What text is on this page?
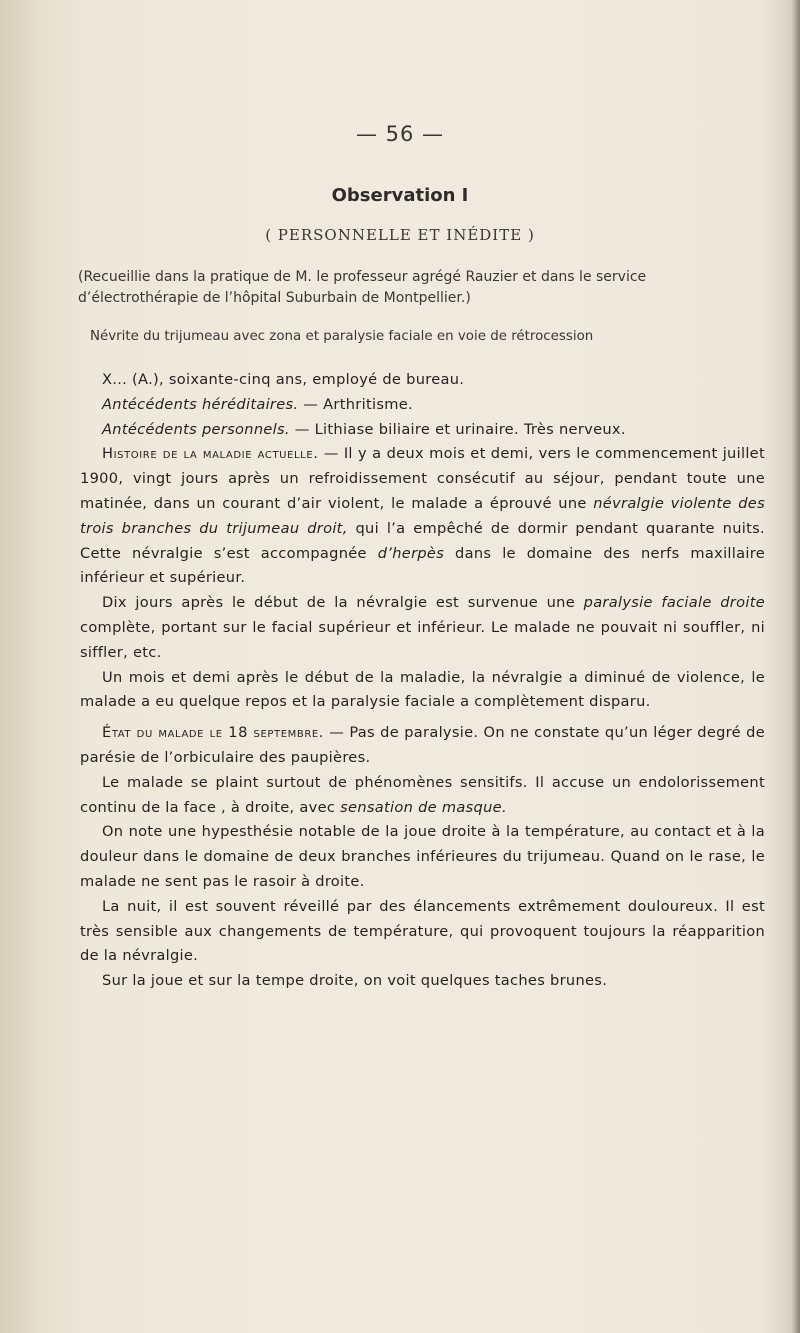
— 56 —
Observation I
( PERSONNELLE ET INÉDITE )
(Recueillie dans la pratique de M. le professeur agrégé Rauzier et dans le service d’électrothérapie de l’hôpital Suburbain de Montpellier.)
Névrite du trijumeau avec zona et paralysie faciale en voie de rétrocession

X... (A.), soixante-cinq ans, employé de bureau.

Antécédents héréditaires. — Arthritisme.

Antécédents personnels. — Lithiase biliaire et urinaire. Très nerveux.

Histoire de la maladie actuelle. — Il y a deux mois et demi, vers le commencement juillet 1900, vingt jours après un refroidissement consécutif au séjour, pendant toute une matinée, dans un courant d’air violent, le malade a éprouvé une névralgie violente des trois branches du trijumeau droit, qui l’a empêché de dormir pendant quarante nuits. Cette névralgie s’est accompagnée d’herpès dans le domaine des nerfs maxillaire inférieur et supérieur.

Dix jours après le début de la névralgie est survenue une paralysie faciale droite complète, portant sur le facial supérieur et inférieur. Le malade ne pouvait ni souffler, ni siffler, etc.

Un mois et demi après le début de la maladie, la névralgie a diminué de violence, le malade a eu quelque repos et la paralysie faciale a complètement disparu.

État du malade le 18 septembre. — Pas de paralysie. On ne constate qu’un léger degré de parésie de l’orbiculaire des paupières.

Le malade se plaint surtout de phénomènes sensitifs. Il accuse un endolorissement continu de la face , à droite, avec sensation de masque.

On note une hypesthésie notable de la joue droite à la température, au contact et à la douleur dans le domaine de deux branches inférieures du trijumeau. Quand on le rase, le malade ne sent pas le rasoir à droite.

La nuit, il est souvent réveillé par des élancements extrêmement douloureux. Il est très sensible aux changements de température, qui provoquent toujours la réapparition de la névralgie.

Sur la joue et sur la tempe droite, on voit quelques taches brunes.
